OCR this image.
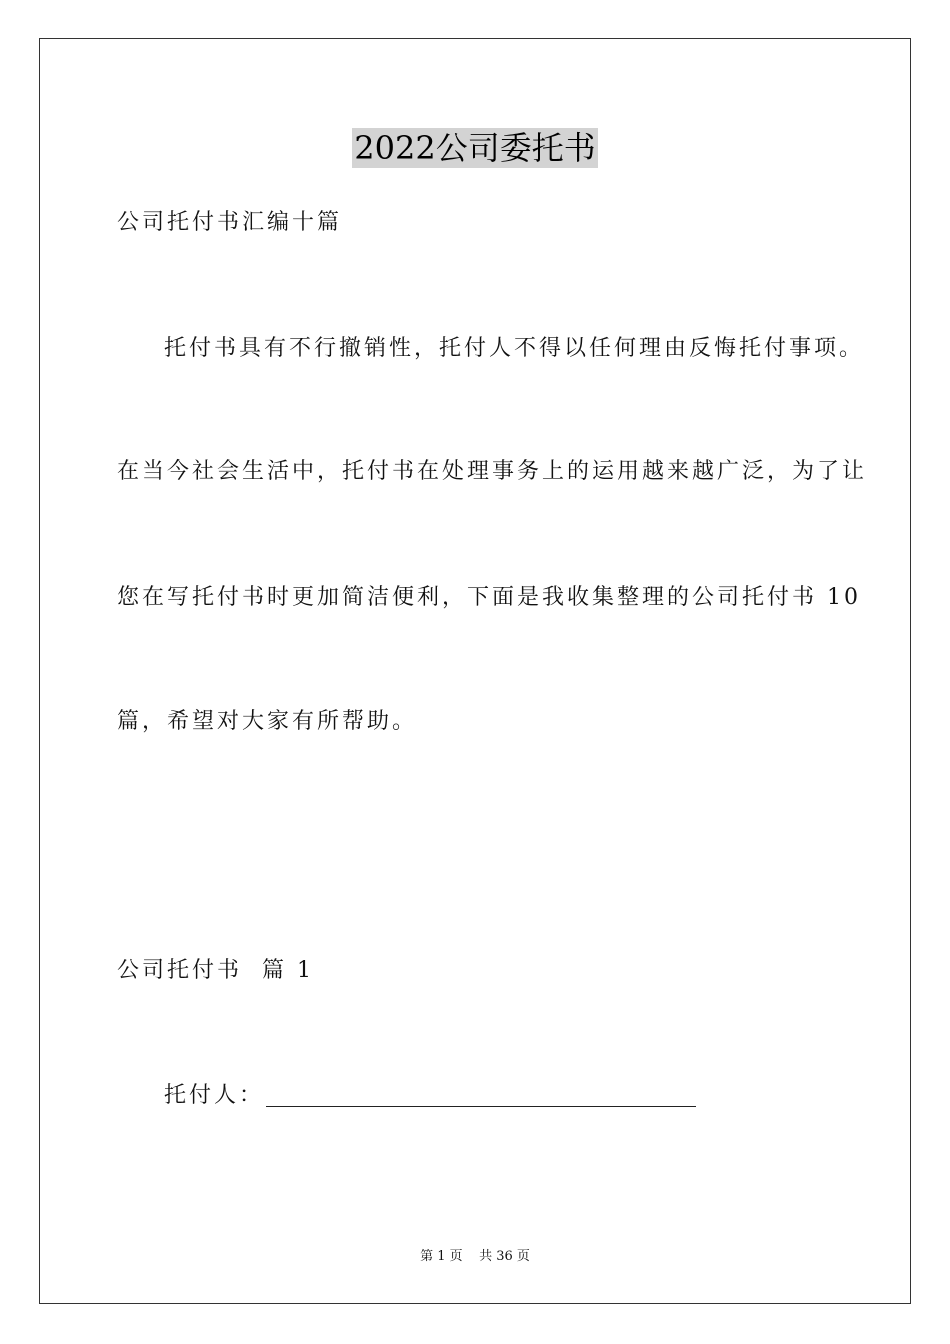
2022公司委托书
公司托付书汇编十篇
托付书具有不行撤销性，托付人不得以任何理由反悔托付事项。
在当今社会生活中，托付书在处理事务上的运用越来越广泛，为了让
您在写托付书时更加简洁便利，下面是我收集整理的公司托付书 10
篇，希望对大家有所帮助。
公司托付书  篇 1
托付人：
第 1 页    共 36 页
